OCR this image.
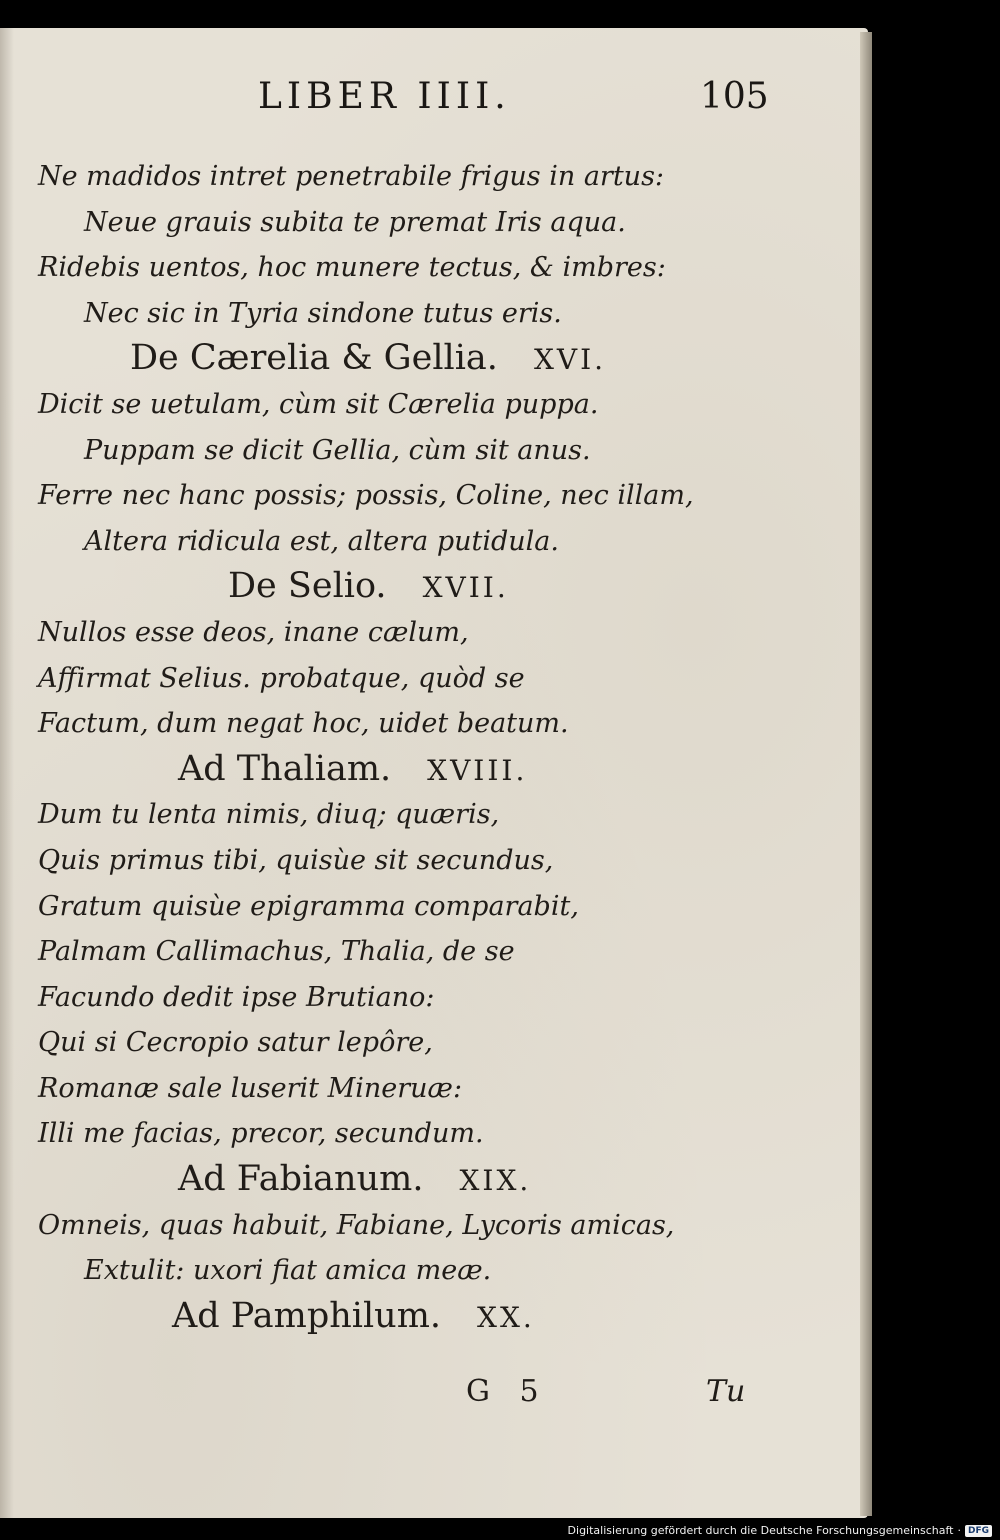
LIBER IIII.	105
Ne madidos intret penetrabile frigus in artus:
Neue grauis subita te premat Iris aqua.
Ridebis uentos, hoc munere tectus, & imbres:
Nec sic in Tyria sindone tutus eris.
De Cærelia & Gellia. XVI.
Dicit se uetulam, cùm sit Cærelia puppa.
Puppam se dicit Gellia, cùm sit anus.
Ferre nec hanc possis; possis, Coline, nec illam,
Altera ridicula est, altera putidula.
De Selio. XVII.
Nullos esse deos, inane cælum,
Affirmat Selius. probatque, quòd se
Factum, dum negat hoc, uidet beatum.
Ad Thaliam. XVIII.
Dum tu lenta nimis, diuq; quæris,
Quis primus tibi, quisùe sit secundus,
Gratum quisùe epigramma comparabit,
Palmam Callimachus, Thalia, de se
Facundo dedit ipse Brutiano:
Qui si Cecropio satur lepôre,
Romanæ sale luserit Mineruæ:
Illi me facias, precor, secundum.
Ad Fabianum. XIX.
Omneis, quas habuit, Fabiane, Lycoris amicas,
Extulit: uxori fiat amica meæ.
Ad Pamphilum. XX.
G 5	Tu
Digitalisierung gefördert durch die Deutsche Forschungsgemeinschaft · DFG
